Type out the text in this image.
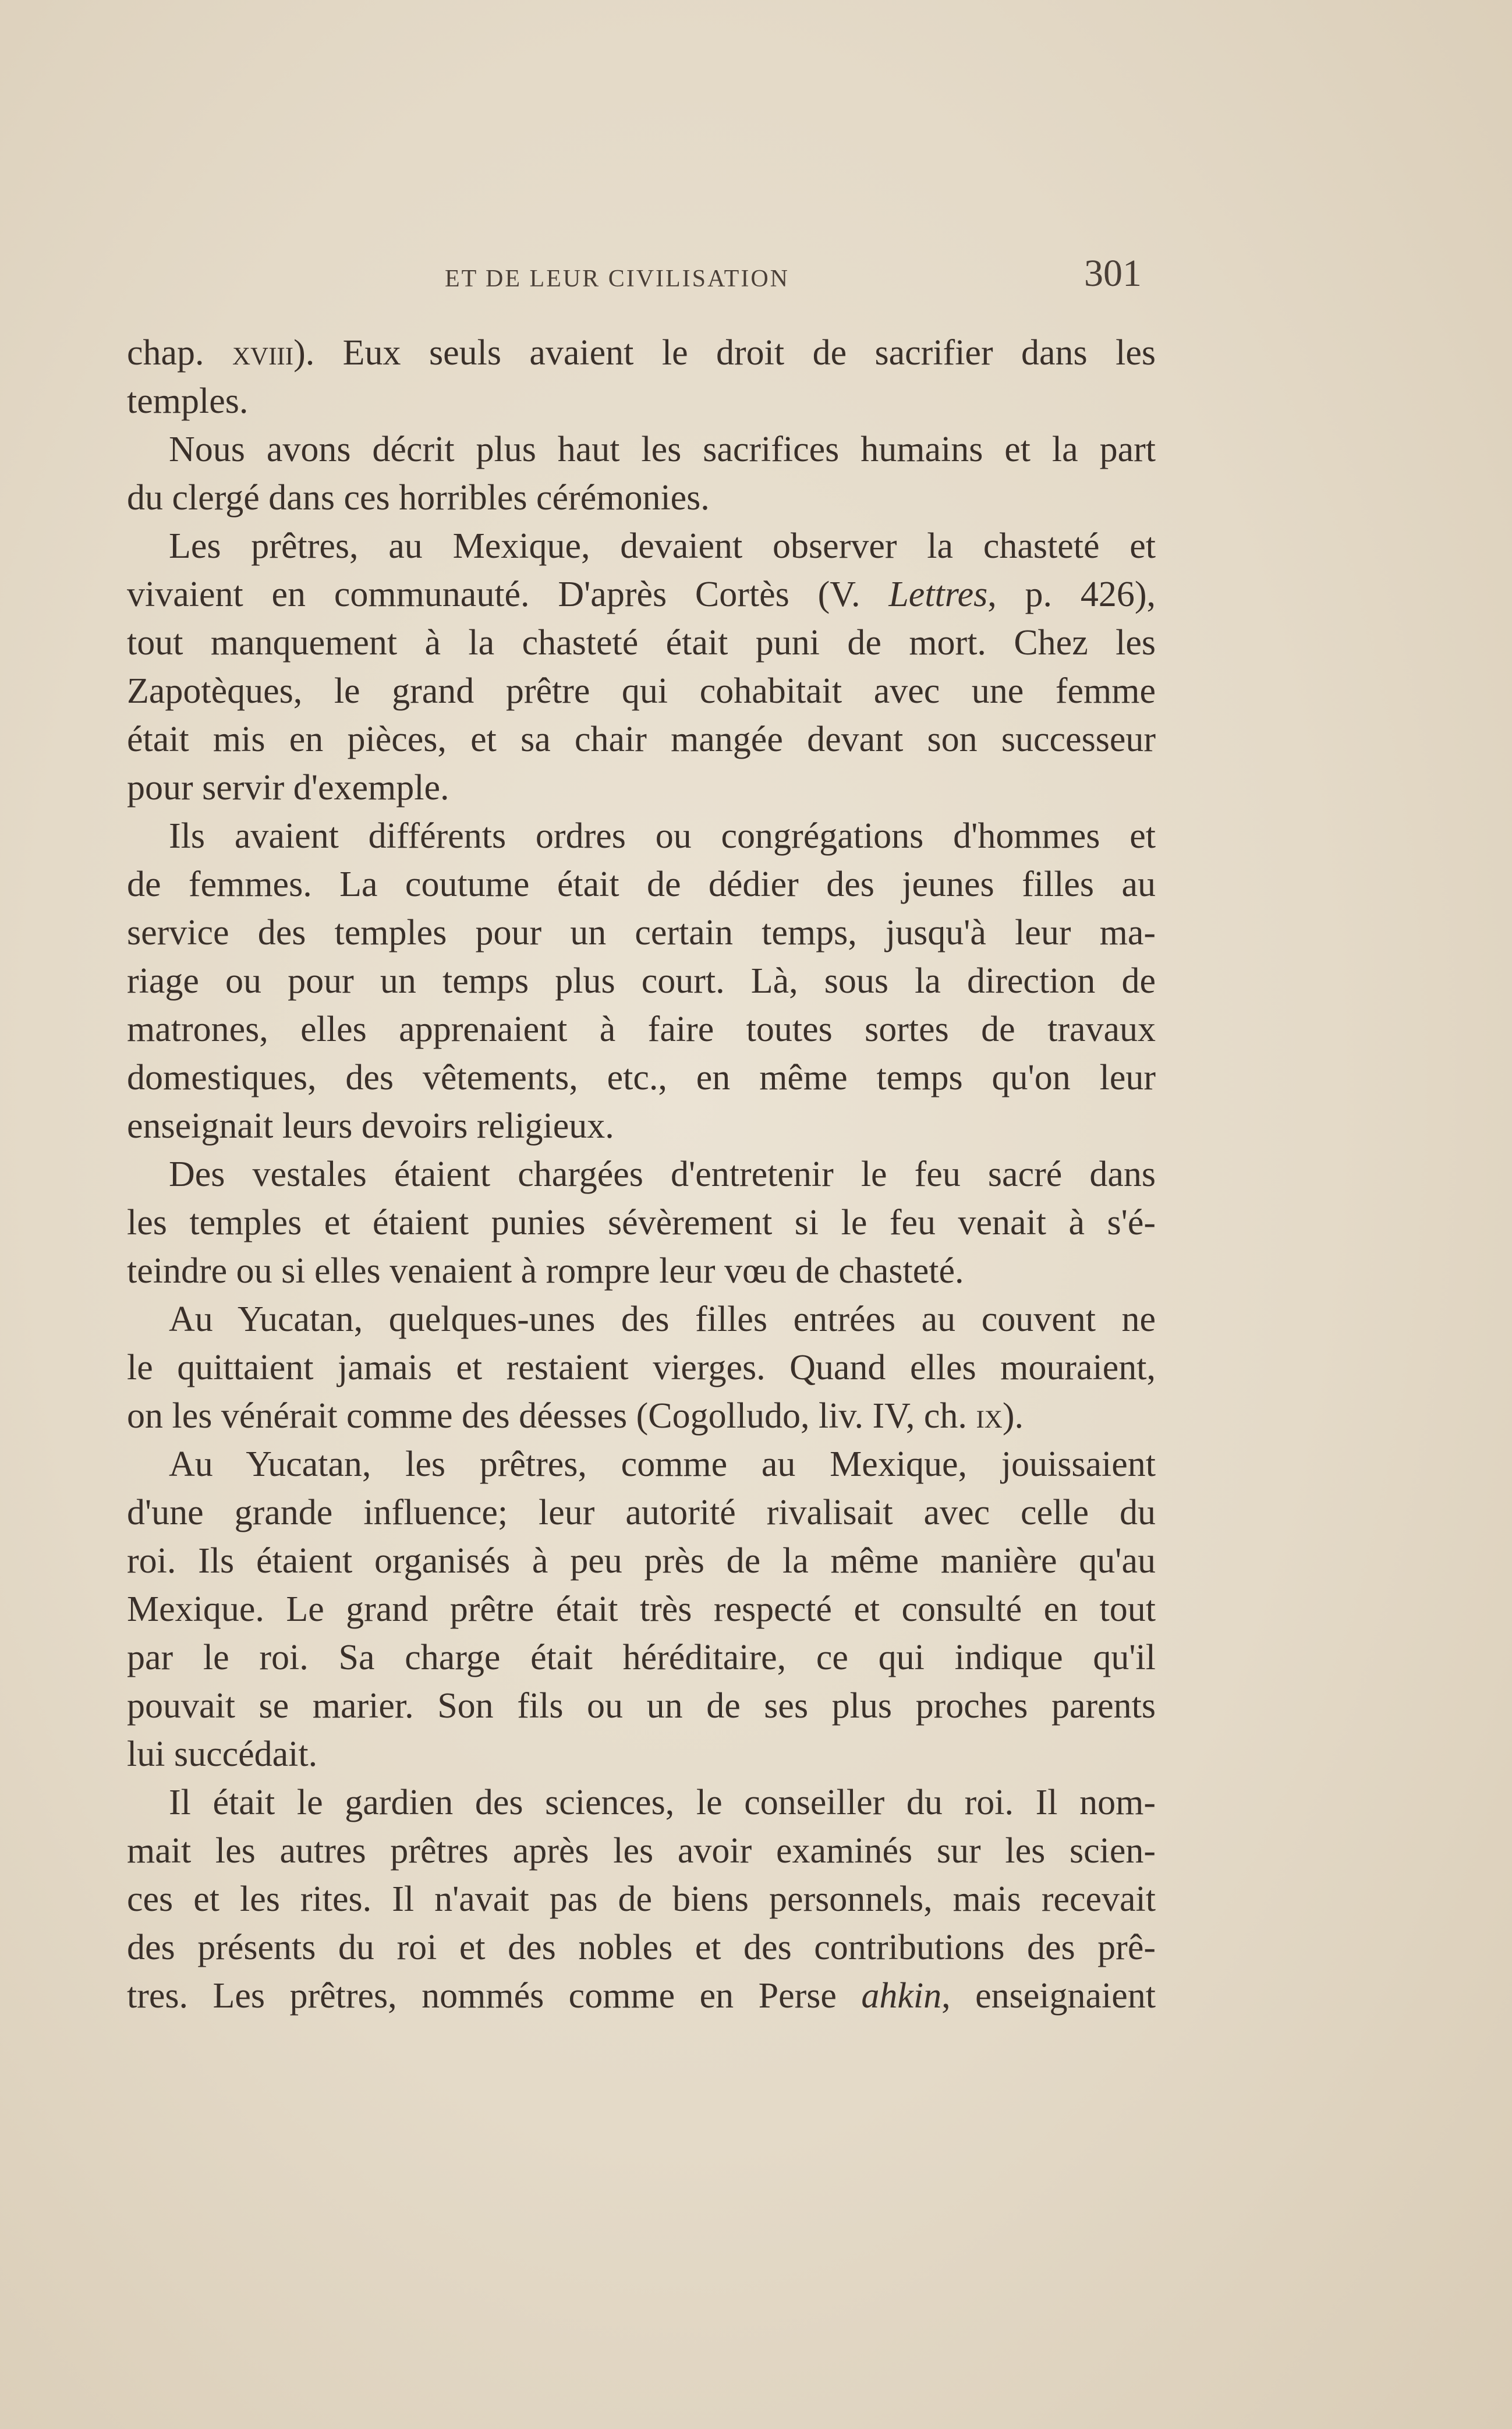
ET DE LEUR CIVILISATION	301
chap. xviii). Eux seuls avaient le droit de sacrifier dans les
temples.
Nous avons décrit plus haut les sacrifices humains et la part
du clergé dans ces horribles cérémonies.
Les prêtres, au Mexique, devaient observer la chasteté et
vivaient en communauté. D'après Cortès (V. Lettres, p. 426),
tout manquement à la chasteté était puni de mort. Chez les
Zapotèques, le grand prêtre qui cohabitait avec une femme
était mis en pièces, et sa chair mangée devant son successeur
pour servir d'exemple.
Ils avaient différents ordres ou congrégations d'hommes et
de femmes. La coutume était de dédier des jeunes filles au
service des temples pour un certain temps, jusqu'à leur ma-
riage ou pour un temps plus court. Là, sous la direction de
matrones, elles apprenaient à faire toutes sortes de travaux
domestiques, des vêtements, etc., en même temps qu'on leur
enseignait leurs devoirs religieux.
Des vestales étaient chargées d'entretenir le feu sacré dans
les temples et étaient punies sévèrement si le feu venait à s'é-
teindre ou si elles venaient à rompre leur vœu de chasteté.
Au Yucatan, quelques-unes des filles entrées au couvent ne
le quittaient jamais et restaient vierges. Quand elles mouraient,
on les vénérait comme des déesses (Cogolludo, liv. IV, ch. ix).
Au Yucatan, les prêtres, comme au Mexique, jouissaient
d'une grande influence; leur autorité rivalisait avec celle du
roi. Ils étaient organisés à peu près de la même manière qu'au
Mexique. Le grand prêtre était très respecté et consulté en tout
par le roi. Sa charge était héréditaire, ce qui indique qu'il
pouvait se marier. Son fils ou un de ses plus proches parents
lui succédait.
Il était le gardien des sciences, le conseiller du roi. Il nom-
mait les autres prêtres après les avoir examinés sur les scien-
ces et les rites. Il n'avait pas de biens personnels, mais recevait
des présents du roi et des nobles et des contributions des prê-
tres. Les prêtres, nommés comme en Perse ahkin, enseignaient
